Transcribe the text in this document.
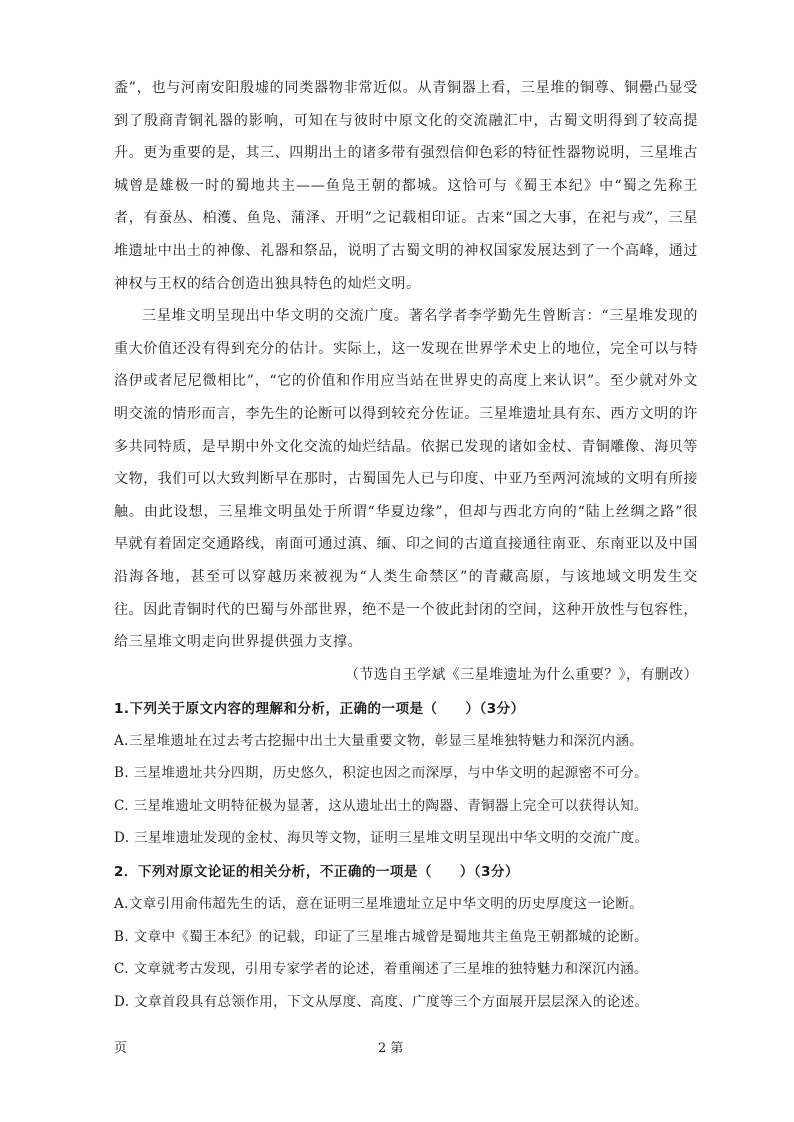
盉”，也与河南安阳殷墟的同类器物非常近似。从青铜器上看，三星堆的铜尊、铜罍凸显受到了殷商青铜礼器的影响，可知在与彼时中原文化的交流融汇中，古蜀文明得到了较高提升。更为重要的是，其三、四期出土的诸多带有强烈信仰色彩的特征性器物说明，三星堆古城曾是雄极一时的蜀地共主——鱼凫王朝的都城。这恰可与《蜀王本纪》中“蜀之先称王者，有蚕丛、柏濩、鱼凫、蒲泽、开明”之记载相印证。古来“国之大事，在祀与戎”，三星堆遗址中出土的神像、礼器和祭品，说明了古蜀文明的神权国家发展达到了一个高峰，通过神权与王权的结合创造出独具特色的灿烂文明。

三星堆文明呈现出中华文明的交流广度。著名学者李学勤先生曾断言：“三星堆发现的重大价值还没有得到充分的估计。实际上，这一发现在世界学术史上的地位，完全可以与特洛伊或者尼尼微相比”，“它的价值和作用应当站在世界史的高度上来认识”。至少就对外文明交流的情形而言，李先生的论断可以得到较充分佐证。三星堆遗址具有东、西方文明的许多共同特质，是早期中外文化交流的灿烂结晶。依据已发现的诸如金杖、青铜雕像、海贝等文物，我们可以大致判断早在那时，古蜀国先人已与印度、中亚乃至两河流域的文明有所接触。由此设想，三星堆文明虽处于所谓“华夏边缘”，但却与西北方向的“陆上丝绸之路”很早就有着固定交通路线，南面可通过滇、缅、印之间的古道直接通往南亚、东南亚以及中国沿海各地，甚至可以穿越历来被视为“人类生命禁区”的青藏高原，与该地域文明发生交往。因此青铜时代的巴蜀与外部世界，绝不是一个彼此封闭的空间，这种开放性与包容性，给三星堆文明走向世界提供强力支撑。

（节选自王学斌《三星堆遗址为什么重要？》，有删改）

1.下列关于原文内容的理解和分析，正确的一项是（　　）（3分）
A.三星堆遗址在过去考古挖掘中出土大量重要文物，彰显三星堆独特魅力和深沉内涵。
B. 三星堆遗址共分四期，历史悠久，积淀也因之而深厚，与中华文明的起源密不可分。
C. 三星堆遗址文明特征极为显著，这从遗址出土的陶器、青铜器上完全可以获得认知。
D. 三星堆遗址发现的金杖、海贝等文物，证明三星堆文明呈现出中华文明的交流广度。
2．下列对原文论证的相关分析，不正确的一项是（　　）（3分）
A.文章引用俞伟超先生的话，意在证明三星堆遗址立足中华文明的历史厚度这一论断。
B. 文章中《蜀王本纪》的记载，印证了三星堆古城曾是蜀地共主鱼凫王朝都城的论断。
C. 文章就考古发现，引用专家学者的论述，着重阐述了三星堆的独特魅力和深沉内涵。
D. 文章首段具有总领作用，下文从厚度、高度、广度等三个方面展开层层深入的论述。
页	2 第
